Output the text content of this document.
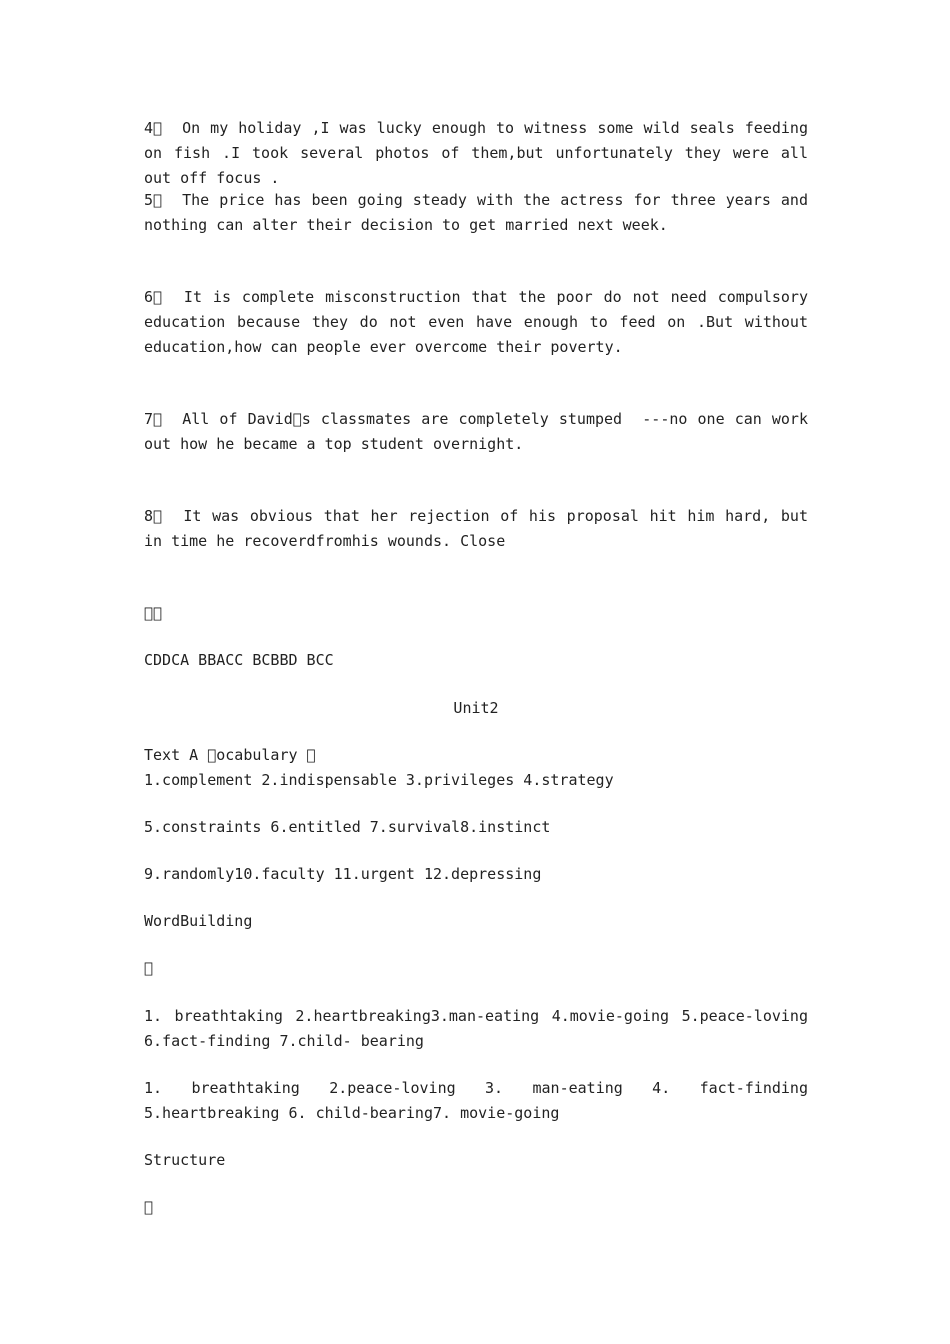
4   On my holiday ,I was lucky enough to witness some wild seals feeding on fish .I took several photos of them,but unfortunately they were all out off focus .

5   The price has been going steady with the actress for three years and nothing can alter their decision to get married next week.

6   It is complete misconstruction that the poor do not need compulsory education because they do not even have enough to feed on .But without education,how can people ever overcome their poverty.

7   All of David s classmates are completely stumped  ---no one can work out how he became a top student overnight.

8   It was obvious that her rejection of his proposal hit him hard, but in time he recoverdfromhis wounds. Close

  

CDDCA BBACC BCBBD BCC

Unit2

Text A  ocabulary  

1.complement 2.indispensable 3.privileges 4.strategy

5.constraints 6.entitled 7.survival8.instinct

9.randomly10.faculty 11.urgent 12.depressing

WordBuilding

 

1. breathtaking 2.heartbreaking3.man-eating 4.movie-going 5.peace-loving 6.fact-finding 7.child- bearing

1. breathtaking 2.peace-loving 3. man-eating 4. fact-finding 5.heartbreaking 6. child-bearing7. movie-going

Structure

 
